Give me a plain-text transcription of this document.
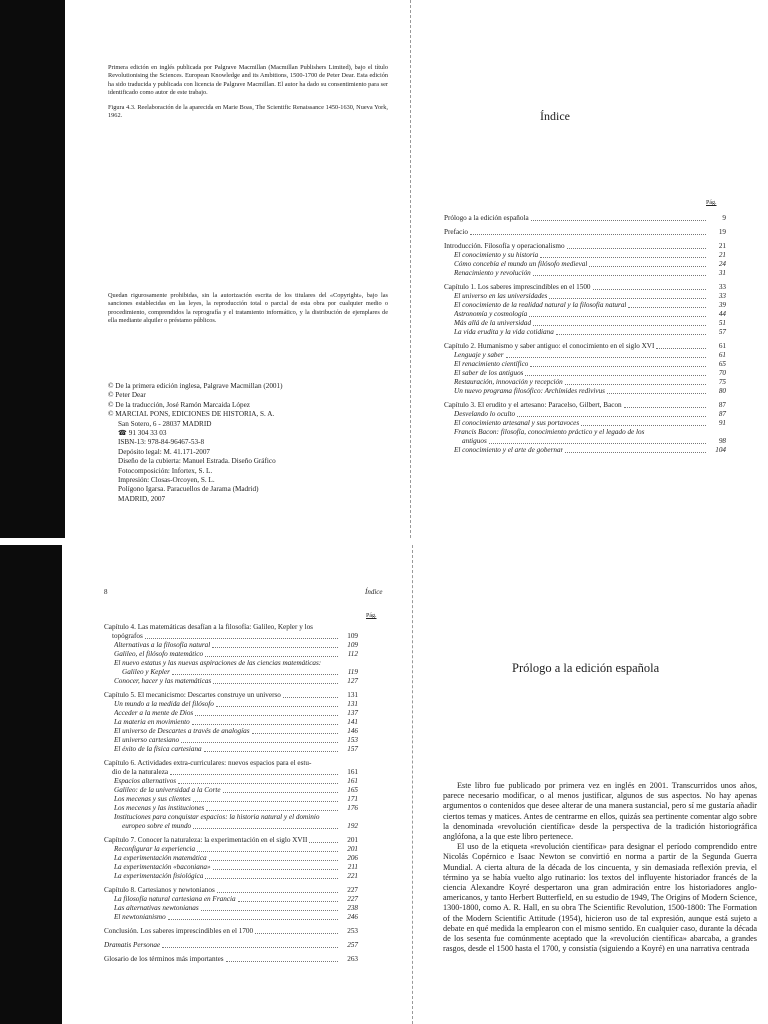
Primera edición en inglés publicada por Palgrave Macmillan (Macmillan Publishers Limited), bajo el título Revolutionising the Sciences. European Knowledge and its Ambitions, 1500-1700 de Peter Dear. Esta edición ha sido traducida y publicada con licencia de Palgrave Macmillan. El autor ha dado su consentimiento para ser identificado como autor de este trabajo.
Figura 4.3. Reelaboración de la aparecida en Marie Boas, The Scientific Renaissance 1450-1630, Nueva York, 1962.
Quedan rigurosamente prohibidas, sin la autorización escrita de los titulares del «Copyright», bajo las sanciones establecidas en las leyes, la reproducción total o parcial de esta obra por cualquier medio o procedimiento, comprendidos la reprografía y el tratamiento informático, y la distribución de ejemplares de ella mediante alquiler o préstamo públicos.
© De la primera edición inglesa, Palgrave Macmillan (2001)
© Peter Dear
© De la traducción, José Ramón Marcaida López
© MARCIAL PONS, EDICIONES DE HISTORIA, S. A.
San Sotero, 6 - 28037 MADRID
☎ 91 304 33 03
ISBN-13: 978-84-96467-53-8
Depósito legal: M. 41.171-2007
Diseño de la cubierta: Manuel Estrada. Diseño Gráfico
Fotocomposición: Infortex, S. L.
Impresión: Closas-Orcoyen, S. L.
Polígono Igarsa. Paracuellos de Jarama (Madrid)
MADRID, 2007
Índice
Pág.
Prólogo a la edición española	9
Prefacio	19
Introducción. Filosofía y operacionalismo	21
El conocimiento y su historia	21
Cómo concebía el mundo un filósofo medieval	24
Renacimiento y revolución	31
Capítulo 1. Los saberes imprescindibles en el 1500	33
El universo en las universidades	33
El conocimiento de la realidad natural y la filosofía natural	39
Astronomía y cosmología	44
Más allá de la universidad	51
La vida erudita y la vida cotidiana	57
Capítulo 2. Humanismo y saber antiguo: el conocimiento en el siglo XVI	61
Lenguaje y saber	61
El renacimiento científico	65
El saber de los antiguos	70
Restauración, innovación y recepción	75
Un nuevo programa filosófico: Archímides redivivus	80
Capítulo 3. El erudito y el artesano: Paracelso, Gilbert, Bacon	87
Desvelando lo oculto	87
El conocimiento artesanal y sus portavoces	91
Francis Bacon: filosofía, conocimiento práctico y el legado de los
antiguos	98
El conocimiento y el arte de gobernar	104
8	Índice
Pág.
Capítulo 4. Las matemáticas desafían a la filosofía: Galileo, Kepler y los
topógrafos	109
Alternativas a la filosofía natural	109
Galileo, el filósofo matemático	112
El nuevo estatus y las nuevas aspiraciones de las ciencias matemáticas:
Galileo y Kepler	119
Conocer, hacer y las matemáticas	127
Capítulo 5. El mecanicismo: Descartes construye un universo	131
Un mundo a la medida del filósofo	131
Acceder a la mente de Dios	137
La materia en movimiento	141
El universo de Descartes a través de analogías	146
El universo cartesiano	153
El éxito de la física cartesiana	157
Capítulo 6. Actividades extra-curriculares: nuevos espacios para el estu-
dio de la naturaleza	161
Espacios alternativos	161
Galileo: de la universidad a la Corte	165
Los mecenas y sus clientes	171
Los mecenas y las instituciones	176
Instituciones para conquistar espacios: la historia natural y el dominio
europeo sobre el mundo	192
Capítulo 7. Conocer la naturaleza: la experimentación en el siglo XVII	201
Reconfigurar la experiencia	201
La experimentación matemática	206
La experimentación «baconiana»	211
La experimentación fisiológica	221
Capítulo 8. Cartesianos y newtonianos	227
La filosofía natural cartesiana en Francia	227
Las alternativas newtonianas	238
El newtonianismo	246
Conclusión. Los saberes imprescindibles en el 1700	253
Dramatis Personae	257
Glosario de los términos más importantes	263
Prólogo a la edición española

Este libro fue publicado por primera vez en inglés en 2001. Transcurridos unos años, parece necesario modificar, o al menos justificar, algunos de sus aspectos. No hay apenas argumentos o contenidos que desee alterar de una manera sustancial, pero sí me gustaría añadir ciertos temas y matices. Antes de centrarme en ellos, quizás sea pertinente comentar algo sobre la denominada «revolución científica» desde la perspectiva de la tradición historiográfica anglófona, a la que este libro pertenece.

El uso de la etiqueta «revolución científica» para designar el período comprendido entre Nicolás Copérnico e Isaac Newton se convirtió en norma a partir de la Segunda Guerra Mundial. A cierta altura de la década de los cincuenta, y sin demasiada reflexión previa, el término ya se había vuelto algo rutinario: los textos del influyente historiador francés de la ciencia Alexandre Koyré despertaron una gran admiración entre los historiadores anglo-americanos, y tanto Herbert Butterfield, en su estudio de 1949, The Origins of Modern Science, 1300-1800, como A. R. Hall, en su obra The Scientific Revolution, 1500-1800: The Formation of the Modern Scientific Attitude (1954), hicieron uso de tal expresión, aunque está sujeto a debate en qué medida la emplearon con el mismo sentido. En cualquier caso, durante la década de los sesenta fue comúnmente aceptado que la «revolución científica» abarcaba, a grandes rasgos, desde el 1500 hasta el 1700, y consistía (siguiendo a Koyré) en una narrativa centrada
